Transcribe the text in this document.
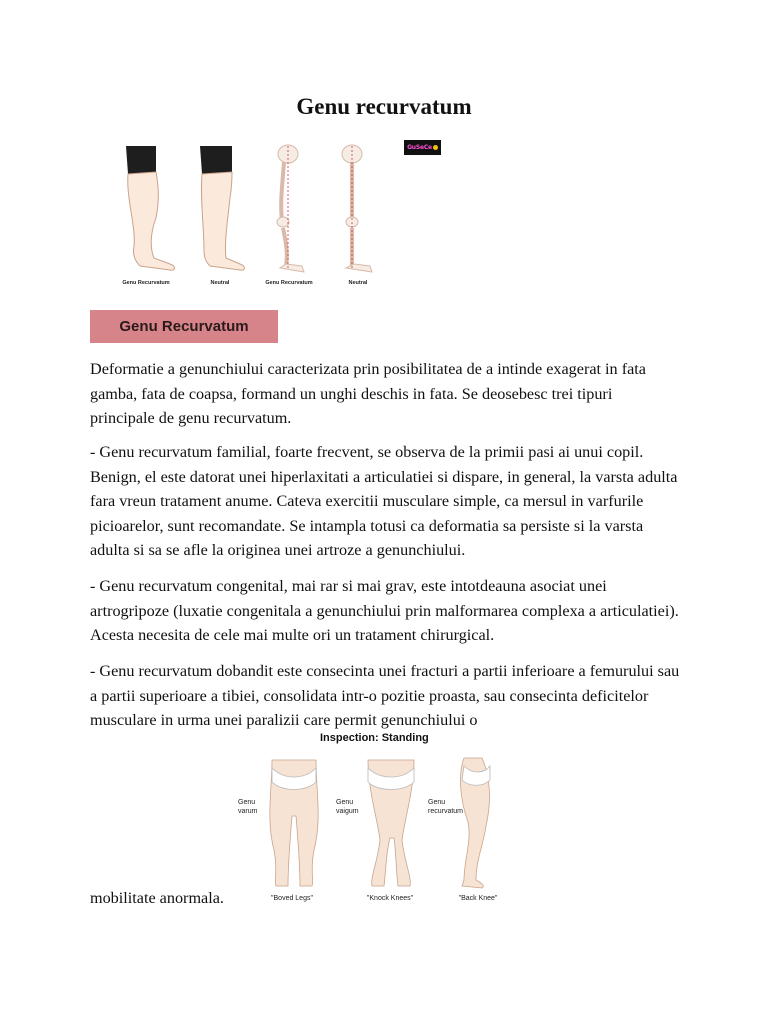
Genu recurvatum
Genu Recurvatum	Neutral	Genu Recurvatum	Neutral
GuSeCe
Genu Recurvatum

Deformatie a genunchiului caracterizata prin posibilitatea de a intinde exagerat in fata gamba, fata de coapsa, formand un unghi deschis in fata. Se deosebesc trei tipuri principale de genu recurvatum.

- Genu recurvatum familial, foarte frecvent, se observa de la primii pasi ai unui copil. Benign, el este datorat unei hiperlaxitati a articulatiei si dispare, in general, la varsta adulta fara vreun tratament anume. Cateva exercitii musculare simple, ca mersul in varfurile picioarelor, sunt recomandate. Se intampla totusi ca deformatia sa persiste si la varsta adulta si sa se afle la originea unei artroze a genunchiului.

- Genu recurvatum congenital, mai rar si mai grav, este intotdeauna asociat unei artrogripoze (luxatie congenitala a genunchiului prin malformarea complexa a articulatiei). Acesta necesita de cele mai multe ori un tratament chirurgical.

- Genu recurvatum dobandit este consecinta unei fracturi a partii inferioare a femurului sau a partii superioare a tibiei, consolidata intr-o pozitie proasta, sau consecinta deficitelor musculare in urma unei paralizii care permit genunchiului o

Inspection: Standing
Genu
varum
Genu
vaigum
Genu
recurvatum
"Boved Legs"	"Knock Knees"	"Back Knee"

mobilitate anormala.
